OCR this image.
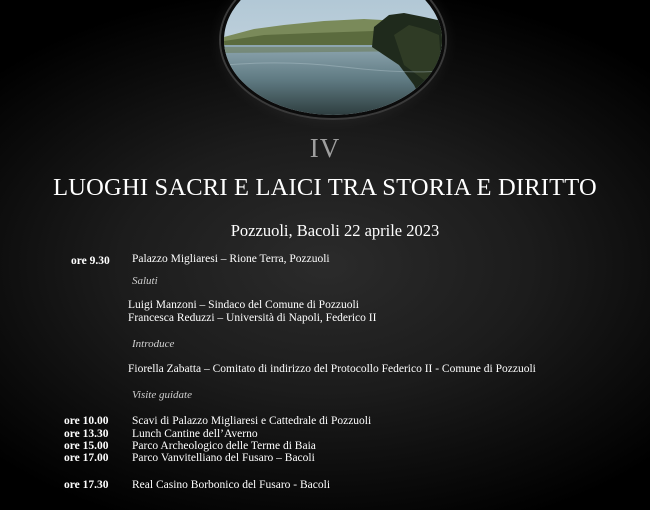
IV
LUOGHI SACRI E LAICI TRA STORIA E DIRITTO
Pozzuoli, Bacoli 22 aprile 2023
ore 9.30 Palazzo Migliaresi – Rione Terra, Pozzuoli
Saluti
Luigi Manzoni – Sindaco del Comune di Pozzuoli
Francesca Reduzzi – Università di Napoli, Federico II
Introduce
Fiorella Zabatta – Comitato di indirizzo del Protocollo Federico II - Comune di Pozzuoli
Visite guidate
ore 10.00 Scavi di Palazzo Migliaresi e Cattedrale di Pozzuoli
ore 13.30 Lunch Cantine dell’Averno
ore 15.00 Parco Archeologico delle Terme di Baia
ore 17.00 Parco Vanvitelliano del Fusaro – Bacoli
ore 17.30 Real Casino Borbonico del Fusaro - Bacoli
